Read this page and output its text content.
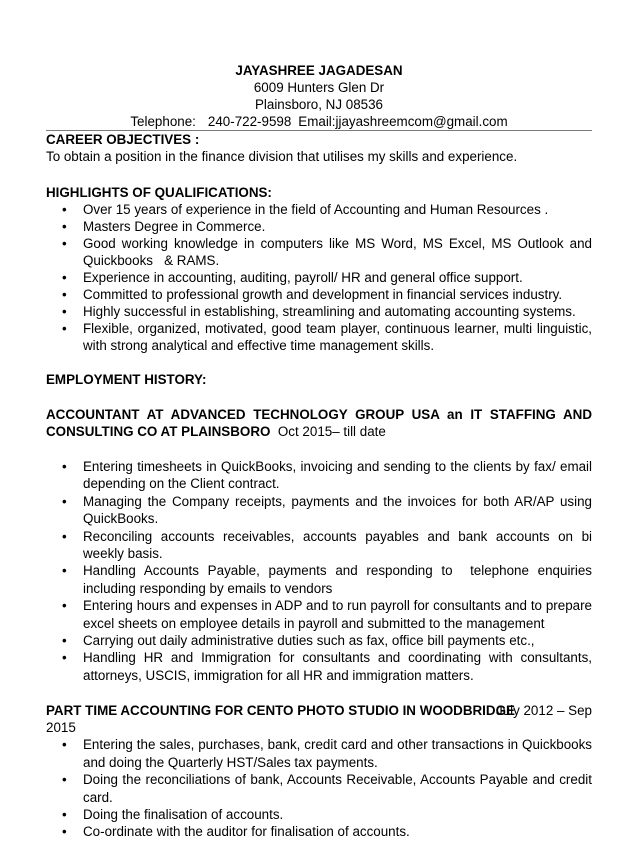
JAYASHREE JAGADESAN
6009 Hunters Glen Dr
Plainsboro, NJ 08536
Telephone: 240-722-9598 Email:jjayashreemcom@gmail.com
CAREER OBJECTIVES :

To obtain a position in the finance division that utilises my skills and experience.

HIGHLIGHTS OF QUALIFICATIONS:
• Over 15 years of experience in the field of Accounting and Human Resources .
• Masters Degree in Commerce.
• Good working knowledge in computers like MS Word, MS Excel, MS Outlook and Quickbooks   & RAMS.
• Experience in accounting, auditing, payroll/ HR and general office support.
• Committed to professional growth and development in financial services industry.
• Highly successful in establishing, streamlining and automating accounting systems.
• Flexible, organized, motivated, good team player, continuous learner, multi linguistic, with strong analytical and effective time management skills.
EMPLOYMENT HISTORY:
ACCOUNTANT AT ADVANCED TECHNOLOGY GROUP USA an IT STAFFING AND CONSULTING CO AT PLAINSBORO Oct 2015– till date
• Entering timesheets in QuickBooks, invoicing and sending to the clients by fax/ email depending on the Client contract.
• Managing the Company receipts, payments and the invoices for both AR/AP using QuickBooks.
• Reconciling accounts receivables, accounts payables and bank accounts on bi weekly basis.
• Handling Accounts Payable, payments and responding to  telephone enquiries including responding by emails to vendors
• Entering hours and expenses in ADP and to run payroll for consultants and to prepare excel sheets on employee details in payroll and submitted to the management
• Carrying out daily administrative duties such as fax, office bill payments etc.,
• Handling HR and Immigration for consultants and coordinating with consultants, attorneys, USCIS, immigration for all HR and immigration matters.
PART TIME ACCOUNTING FOR CENTO PHOTO STUDIO IN WOODBRIDGE
July 2012 – Sep
2015
• Entering the sales, purchases, bank, credit card and other transactions in Quickbooks and doing the Quarterly HST/Sales tax payments.
• Doing the reconciliations of bank, Accounts Receivable, Accounts Payable and credit card.
• Doing the finalisation of accounts.
• Co-ordinate with the auditor for finalisation of accounts.
